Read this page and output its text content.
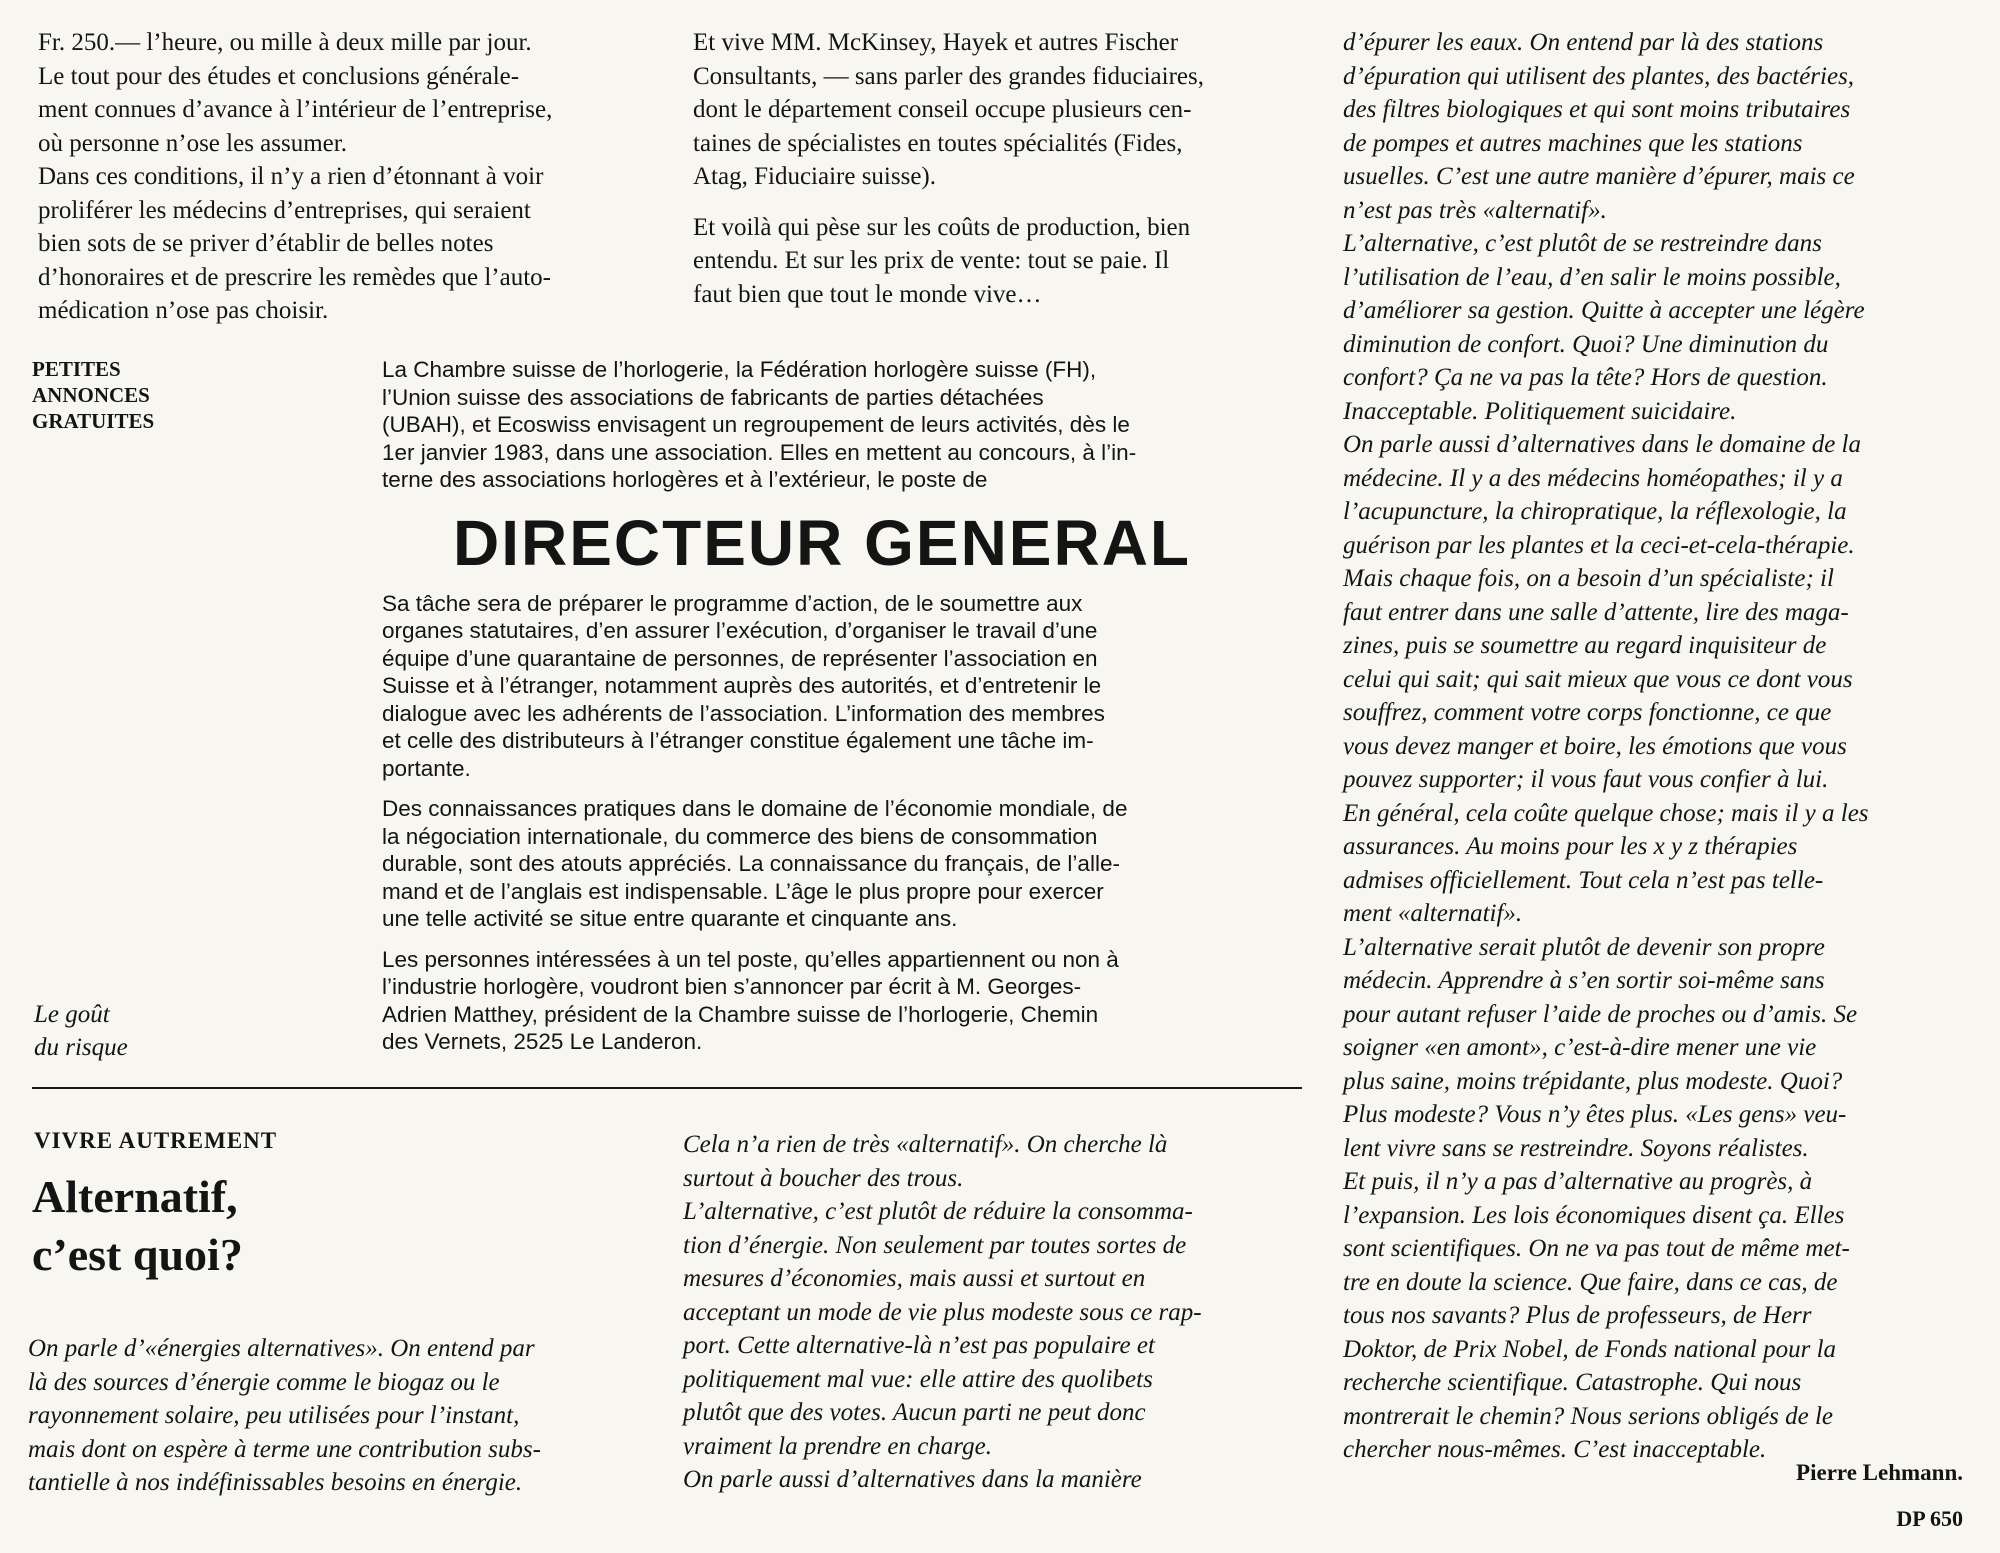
Fr. 250.— l’heure, ou mille à deux mille par jour.
Le tout pour des études et conclusions générale-
ment connues d’avance à l’intérieur de l’entreprise,
où personne n’ose les assumer.

Dans ces conditions, il n’y a rien d’étonnant à voir
proliférer les médecins d’entreprises, qui seraient
bien sots de se priver d’établir de belles notes
d’honoraires et de prescrire les remèdes que l’auto-
médication n’ose pas choisir.

Et vive MM. McKinsey, Hayek et autres Fischer
Consultants, — sans parler des grandes fiduciaires,
dont le département conseil occupe plusieurs cen-
taines de spécialistes en toutes spécialités (Fides,
Atag, Fiduciaire suisse).

Et voilà qui pèse sur les coûts de production, bien
entendu. Et sur les prix de vente: tout se paie. Il
faut bien que tout le monde vive…

PETITES
ANNONCES
GRATUITES

La Chambre suisse de l’horlogerie, la Fédération horlogère suisse (FH),
l’Union suisse des associations de fabricants de parties détachées
(UBAH), et Ecoswiss envisagent un regroupement de leurs activités, dès le
1er janvier 1983, dans une association. Elles en mettent au concours, à l’in-
terne des associations horlogères et à l’extérieur, le poste de

DIRECTEUR GENERAL

Sa tâche sera de préparer le programme d’action, de le soumettre aux
organes statutaires, d’en assurer l’exécution, d’organiser le travail d’une
équipe d’une quarantaine de personnes, de représenter l’association en
Suisse et à l’étranger, notamment auprès des autorités, et d’entretenir le
dialogue avec les adhérents de l’association. L’information des membres
et celle des distributeurs à l’étranger constitue également une tâche im-
portante.

Des connaissances pratiques dans le domaine de l’économie mondiale, de
la négociation internationale, du commerce des biens de consommation
durable, sont des atouts appréciés. La connaissance du français, de l’alle-
mand et de l’anglais est indispensable. L’âge le plus propre pour exercer
une telle activité se situe entre quarante et cinquante ans.

Les personnes intéressées à un tel poste, qu’elles appartiennent ou non à
l’industrie horlogère, voudront bien s’annoncer par écrit à M. Georges-
Adrien Matthey, président de la Chambre suisse de l’horlogerie, Chemin
des Vernets, 2525 Le Landeron.

Le goût
du risque
VIVRE AUTREMENT
Alternatif,
c’est quoi?
On parle d’«énergies alternatives». On entend par
là des sources d’énergie comme le biogaz ou le
rayonnement solaire, peu utilisées pour l’instant,
mais dont on espère à terme une contribution subs-
tantielle à nos indéfinissables besoins en énergie.
Cela n’a rien de très «alternatif». On cherche là
surtout à boucher des trous.
L’alternative, c’est plutôt de réduire la consomma-
tion d’énergie. Non seulement par toutes sortes de
mesures d’économies, mais aussi et surtout en
acceptant un mode de vie plus modeste sous ce rap-
port. Cette alternative-là n’est pas populaire et
politiquement mal vue: elle attire des quolibets
plutôt que des votes. Aucun parti ne peut donc
vraiment la prendre en charge.
On parle aussi d’alternatives dans la manière
d’épurer les eaux. On entend par là des stations
d’épuration qui utilisent des plantes, des bactéries,
des filtres biologiques et qui sont moins tributaires
de pompes et autres machines que les stations
usuelles. C’est une autre manière d’épurer, mais ce
n’est pas très «alternatif».
L’alternative, c’est plutôt de se restreindre dans
l’utilisation de l’eau, d’en salir le moins possible,
d’améliorer sa gestion. Quitte à accepter une légère
diminution de confort. Quoi? Une diminution du
confort? Ça ne va pas la tête? Hors de question.
Inacceptable. Politiquement suicidaire.
On parle aussi d’alternatives dans le domaine de la
médecine. Il y a des médecins homéopathes; il y a
l’acupuncture, la chiropratique, la réflexologie, la
guérison par les plantes et la ceci-et-cela-thérapie.
Mais chaque fois, on a besoin d’un spécialiste; il
faut entrer dans une salle d’attente, lire des maga-
zines, puis se soumettre au regard inquisiteur de
celui qui sait; qui sait mieux que vous ce dont vous
souffrez, comment votre corps fonctionne, ce que
vous devez manger et boire, les émotions que vous
pouvez supporter; il vous faut vous confier à lui.
En général, cela coûte quelque chose; mais il y a les
assurances. Au moins pour les x y z thérapies
admises officiellement. Tout cela n’est pas telle-
ment «alternatif».
L’alternative serait plutôt de devenir son propre
médecin. Apprendre à s’en sortir soi-même sans
pour autant refuser l’aide de proches ou d’amis. Se
soigner «en amont», c’est-à-dire mener une vie
plus saine, moins trépidante, plus modeste. Quoi?
Plus modeste? Vous n’y êtes plus. «Les gens» veu-
lent vivre sans se restreindre. Soyons réalistes.
Et puis, il n’y a pas d’alternative au progrès, à
l’expansion. Les lois économiques disent ça. Elles
sont scientifiques. On ne va pas tout de même met-
tre en doute la science. Que faire, dans ce cas, de
tous nos savants? Plus de professeurs, de Herr
Doktor, de Prix Nobel, de Fonds national pour la
recherche scientifique. Catastrophe. Qui nous
montrerait le chemin? Nous serions obligés de le
chercher nous-mêmes. C’est inacceptable.
Pierre Lehmann.
DP 650
